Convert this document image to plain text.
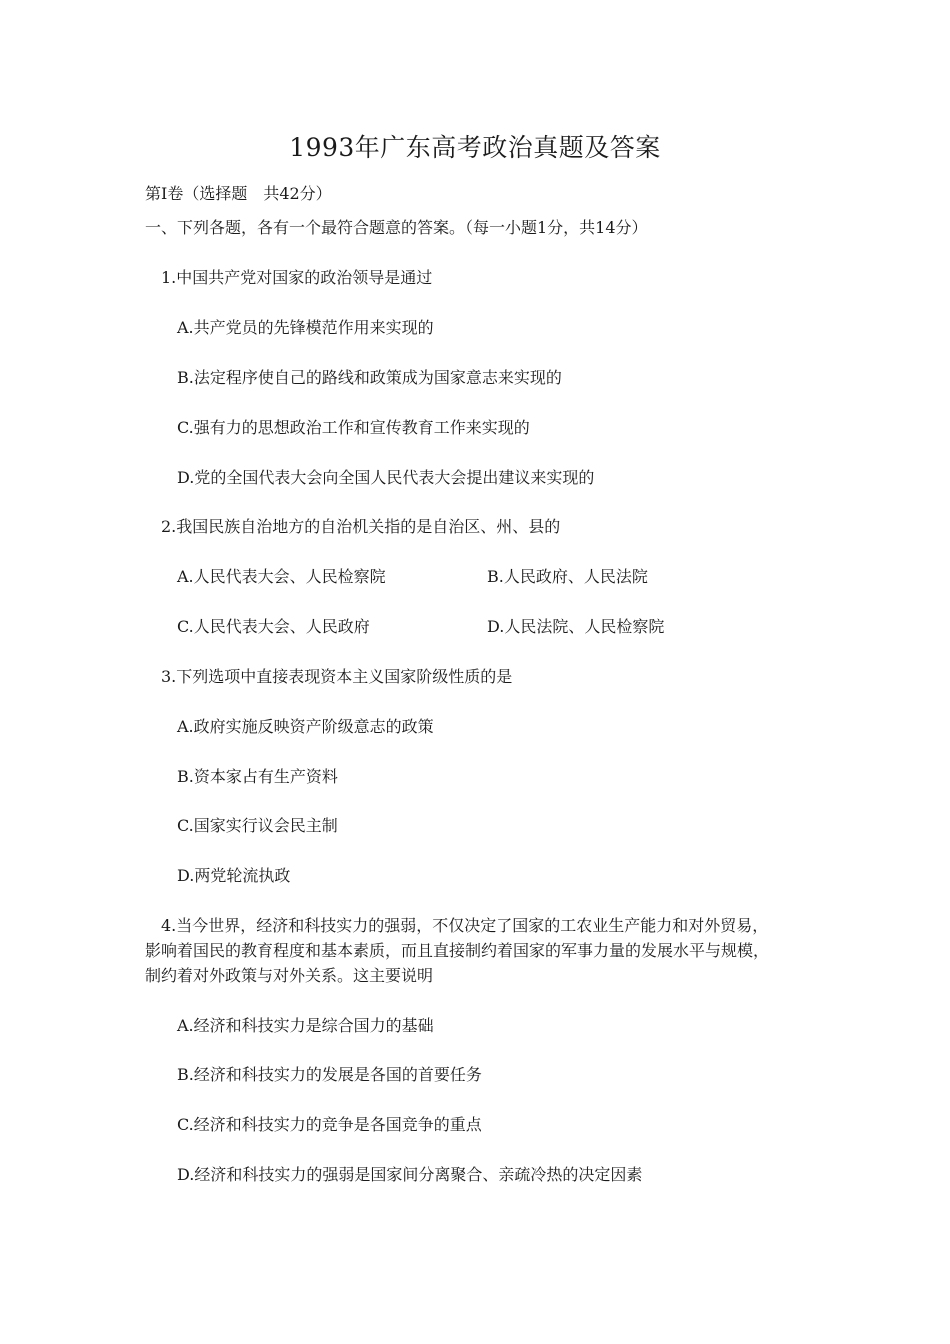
1993年广东高考政治真题及答案
第Ⅰ卷（选择题　共42分）
一、下列各题，各有一个最符合题意的答案。（每一小题1分，共14分）
1.中国共产党对国家的政治领导是通过
A.共产党员的先锋模范作用来实现的
B.法定程序使自己的路线和政策成为国家意志来实现的
C.强有力的思想政治工作和宣传教育工作来实现的
D.党的全国代表大会向全国人民代表大会提出建议来实现的
2.我国民族自治地方的自治机关指的是自治区、州、县的
A.人民代表大会、人民检察院	B.人民政府、人民法院
C.人民代表大会、人民政府	D.人民法院、人民检察院
3.下列选项中直接表现资本主义国家阶级性质的是
A.政府实施反映资产阶级意志的政策
B.资本家占有生产资料
C.国家实行议会民主制
D.两党轮流执政
4.当今世界，经济和科技实力的强弱，不仅决定了国家的工农业生产能力和对外贸易，
影响着国民的教育程度和基本素质，而且直接制约着国家的军事力量的发展水平与规模，
制约着对外政策与对外关系。这主要说明
A.经济和科技实力是综合国力的基础
B.经济和科技实力的发展是各国的首要任务
C.经济和科技实力的竞争是各国竞争的重点
D.经济和科技实力的强弱是国家间分离聚合、亲疏冷热的决定因素
